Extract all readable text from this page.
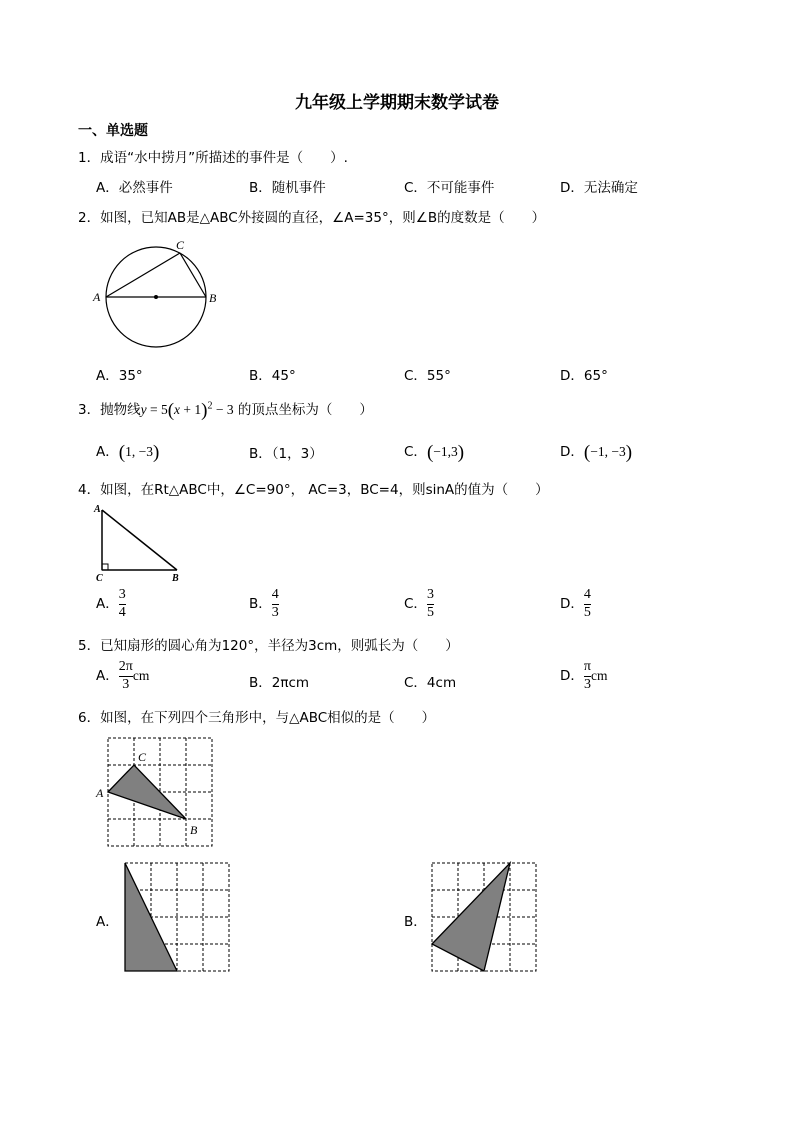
九年级上学期期末数学试卷
一、单选题
1．成语“水中捞月”所描述的事件是（　　）.
A．必然事件	B．随机事件	C．不可能事件	D．无法确定
2．如图，已知AB是△ABC外接圆的直径，∠A=35°，则∠B的度数是（　　）
A	B
C
A．35°	B．45°	C．55°	D．65°
3．抛物线$y = 5(x + 1)^2 - 3$ 的顶点坐标为（　　）
A．(1, −3)	B．（1，3）	C．(−1,3)	D．(−1, −3)
4．如图，在Rt△ABC中，∠C=90°， AC=3，BC=4，则sinA的值为（　　）
A
C	B
A． $\frac{3}{4}$	B． $\frac{4}{3}$	C． $\frac{3}{5}$	D． $\frac{4}{5}$
5．已知扇形的圆心角为120°，半径为3cm，则弧长为（　　）
A． $\frac{2\pi}{3}$ cm	B．2πcm	C．4cm	D． $\frac{\pi}{3}$ cm
6．如图，在下列四个三角形中，与△ABC相似的是（　　）
A
C
B
A．	B．
